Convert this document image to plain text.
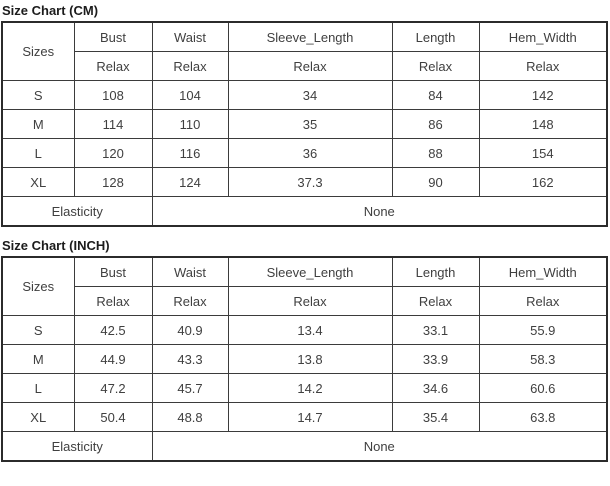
Size Chart (CM)
Sizes	Bust	Waist	Sleeve_Length	Length	Hem_Width
	Relax	Relax	Relax	Relax	Relax
S	108	104	34	84	142
M	114	110	35	86	148
L	120	116	36	88	154
XL	128	124	37.3	90	162
Elasticity		None			
Size Chart (INCH)
Sizes	Bust	Waist	Sleeve_Length	Length	Hem_Width
	Relax	Relax	Relax	Relax	Relax
S	42.5	40.9	13.4	33.1	55.9
M	44.9	43.3	13.8	33.9	58.3
L	47.2	45.7	14.2	34.6	60.6
XL	50.4	48.8	14.7	35.4	63.8
Elasticity		None			
